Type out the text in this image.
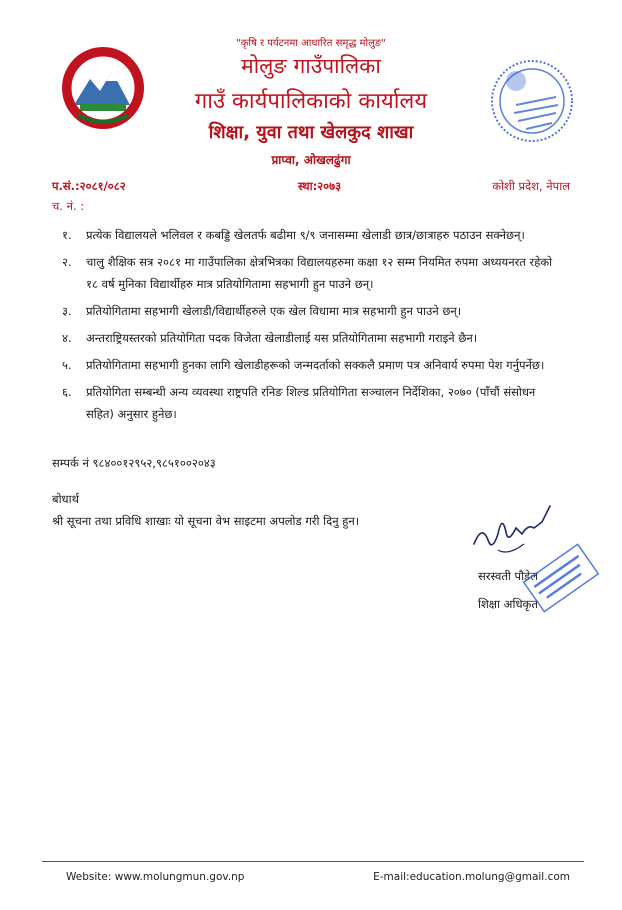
"कृषि र पर्यटनमा आधारित समृद्ध मोलुङ"
मोलुङ गाउँपालिका
गाउँ कार्यपालिकाको कार्यालय
शिक्षा, युवा तथा खेलकुद शाखा
प्राप्वा, ओखलढुंगा
प.सं.:२०८१/०८२	स्था:२०७३	कोशी प्रदेश, नेपाल
च. नं. :
१.	प्रत्येक विद्यालयले भलिवल र कबड्डि खेलतर्फ बढीमा ९/९ जनासम्मा खेलाडी छात्र/छात्राहरु पठाउन सक्नेछन्।
२.	चालु शैक्षिक सत्र २०८१ मा गाउँपालिका क्षेत्रभित्रका विद्यालयहरुमा कक्षा १२ सम्म नियमित रुपमा अध्ययनरत रहेको १८ वर्ष मुनिका विद्यार्थीहरु मात्र प्रतियोगितामा सहभागी हुन पाउने छन्।
३.	प्रतियोगितामा सहभागी खेलाडी/विद्यार्थीहरुले एक खेल विधामा मात्र सहभागी हुन पाउने छन्।
४.	अन्तराष्ट्रियस्तरको प्रतियोगिता पदक विजेता खेलाडीलाई यस प्रतियोगितामा सहभागी गराइने छैन।
५.	प्रतियोगितामा सहभागी हुनका लागि खेलाडीहरूको जन्मदर्ताको सक्कलै प्रमाण पत्र अनिवार्य रुपमा पेश गर्नुपर्नेछ।
६.	प्रतियोगिता सम्बन्धी अन्य व्यवस्था राष्ट्रपति रनिङ शिल्ड प्रतियोगिता सञ्चालन निर्देशिका, २०७० (पाँचौं संसोधन सहित) अनुसार हुनेछ।
सम्पर्क नं ९८४००१२९५२,९८५१००२०४३
बोधार्थ
श्री सूचना तथा प्रविधि शाखाः यो सूचना वेभ साइटमा अपलोड गरी दिनु हुन।
सरस्वती पौडेल
शिक्षा अधिकृत
Website: www.molungmun.gov.np	E-mail:education.molung@gmail.com
